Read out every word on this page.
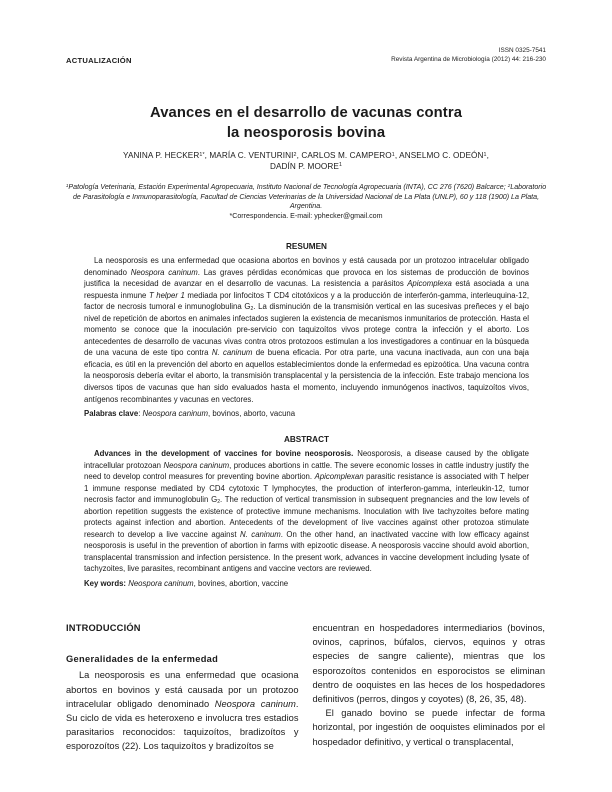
ACTUALIZACIÓN
ISSN 0325-7541
Revista Argentina de Microbiología (2012) 44: 216-230
Avances en el desarrollo de vacunas contra
la neosporosis bovina
YANINA P. $HECKER^{1*}$, MARÍA C. VENTURINI$^2$, CARLOS M. CAMPERO$^1$, ANSELMO C. ODEÓN$^1$,
DADÍN P. MOORE$^1$
$^1$Patología Veterinaria, Estación Experimental Agropecuaria, Instituto Nacional de Tecnología Agropecuaria (INTA), CC 276 (7620) Balcarce; $^2$Laboratorio de Parasitología e Inmunoparasitología, Facultad de Ciencias Veterinarias de la Universidad Nacional de La Plata (UNLP), 60 y 118 (1900) La Plata, Argentina.
*Correspondencia. E-mail: yphecker@gmail.com
RESUMEN

La neosporosis es una enfermedad que ocasiona abortos en bovinos y está causada por un protozoo intracelular obligado denominado Neospora caninum. Las graves pérdidas económicas que provoca en los sistemas de producción de bovinos justifica la necesidad de avanzar en el desarrollo de vacunas. La resistencia a parásitos Apicomplexa está asociada a una respuesta inmune T helper 1 mediada por linfocitos T CD4 citotóxicos y a la producción de interferón-gamma, interleuquina-12, factor de necrosis tumoral e inmunoglobulina $G_2$. La disminución de la transmisión vertical en las sucesivas preñeces y el bajo nivel de repetición de abortos en animales infectados sugieren la existencia de mecanismos inmunitarios de protección. Hasta el momento se conoce que la inoculación pre-servicio con taquizoítos vivos protege contra la infección y el aborto. Los antecedentes de desarrollo de vacunas vivas contra otros protozoos estimulan a los investigadores a continuar en la búsqueda de una vacuna de este tipo contra N. caninum de buena eficacia. Por otra parte, una vacuna inactivada, aun con una baja eficacia, es útil en la prevención del aborto en aquellos establecimientos donde la enfermedad es epizoótica. Una vacuna contra la neosporosis debería evitar el aborto, la transmisión transplacental y la persistencia de la infección. Este trabajo menciona los diversos tipos de vacunas que han sido evaluados hasta el momento, incluyendo inmunógenos inactivos, taquizoítos vivos, antígenos recombinantes y vacunas en vectores.

Palabras clave: Neospora caninum, bovinos, aborto, vacuna

ABSTRACT

Advances in the development of vaccines for bovine neosporosis. Neosporosis, a disease caused by the obligate intracellular protozoan Neospora caninum, produces abortions in cattle. The severe economic losses in cattle industry justify the need to develop control measures for preventing bovine abortion. Apicomplexan parasitic resistance is associated with T helper 1 immune response mediated by CD4 cytotoxic T lymphocytes, the production of interferon-gamma, interleukin-12, tumor necrosis factor and immunoglobulin $G_2$. The reduction of vertical transmission in subsequent pregnancies and the low levels of abortion repetition suggests the existence of protective immune mechanisms. Inoculation with live tachyzoites before mating protects against infection and abortion. Antecedents of the development of live vaccines against other protozoa stimulate research to develop a live vaccine against N. caninum. On the other hand, an inactivated vaccine with low efficacy against neosporosis is useful in the prevention of abortion in farms with epizootic disease. A neosporosis vaccine should avoid abortion, transplacental transmission and infection persistence. In the present work, advances in vaccine development including lysate of tachyzoites, live parasites, recombinant antigens and vaccine vectors are reviewed.

Key words: Neospora caninum, bovines, abortion, vaccine

INTRODUCCIÓN
Generalidades de la enfermedad

La neosporosis es una enfermedad que ocasiona abortos en bovinos y está causada por un protozoo intracelular obligado denominado Neospora caninum. Su ciclo de vida es heteroxeno e involucra tres estadios parasitarios reconocidos: taquizoítos, bradizoítos y esporozoítos (22). Los taquizoítos y bradizoítos se

encuentran en hospedadores intermediarios (bovinos, ovinos, caprinos, búfalos, ciervos, equinos y otras especies de sangre caliente), mientras que los esporozoítos contenidos en esporocistos se eliminan dentro de ooquistes en las heces de los hospedadores definitivos (perros, dingos y coyotes) (8, 26, 35, 48).

El ganado bovino se puede infectar de forma horizontal, por ingestión de ooquistes eliminados por el hospedador definitivo, y vertical o transplacental,
